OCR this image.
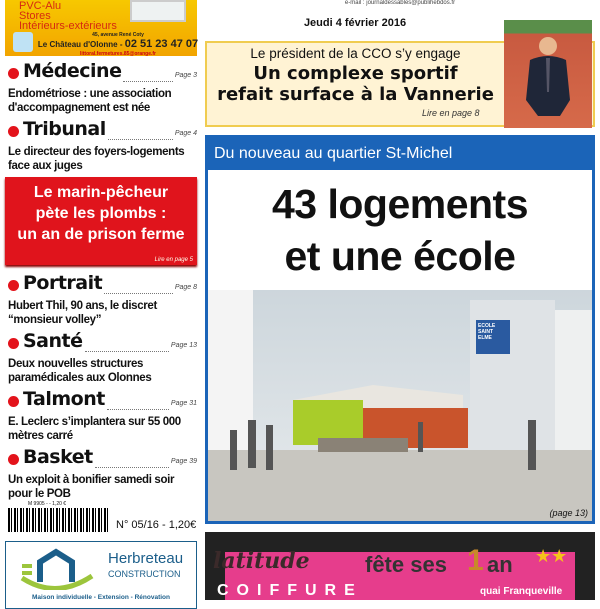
PVC-Alu
Stores
Intérieurs-extérieurs
45, avenue René Coty
Le Château d'Olonne - 02 51 23 47 07
littoral.fermetures.85@orange.fr
e-mail : journaldessables@publihebdos.fr
Jeudi 4 février 2016
Médecine	Page 3

Endométriose : une association d'accompagnement est née

Tribunal	Page 4

Le directeur des foyers-logements face aux juges

Le marin-pêcheur
pète les plombs :
un an de prison ferme

Lire en page 5
Portrait	Page 8

Hubert Thil, 90 ans, le discret “monsieur volley”

Santé	Page 13

Deux nouvelles structures paramédicales aux Olonnes

Talmont	Page 31

E. Leclerc s’implantera sur 55 000 mètres carré

Basket	Page 39

Un exploit à bonifier samedi soir pour le POB

M 9905 - - 1,20 €
N° 05/16 - 1,20€
Herbreteau
CONSTRUCTION
Maison individuelle - Extension - Rénovation
Le président de la CCO s’y engage
Un complexe sportif
refait surface à la Vannerie
Lire en page 8
Du nouveau au quartier St-Michel
43 logements
et une école
ECOLE SAINT ELME
(page 13)
latitude	fête ses 1 an ★★
quai Franqueville
COIFFURE
